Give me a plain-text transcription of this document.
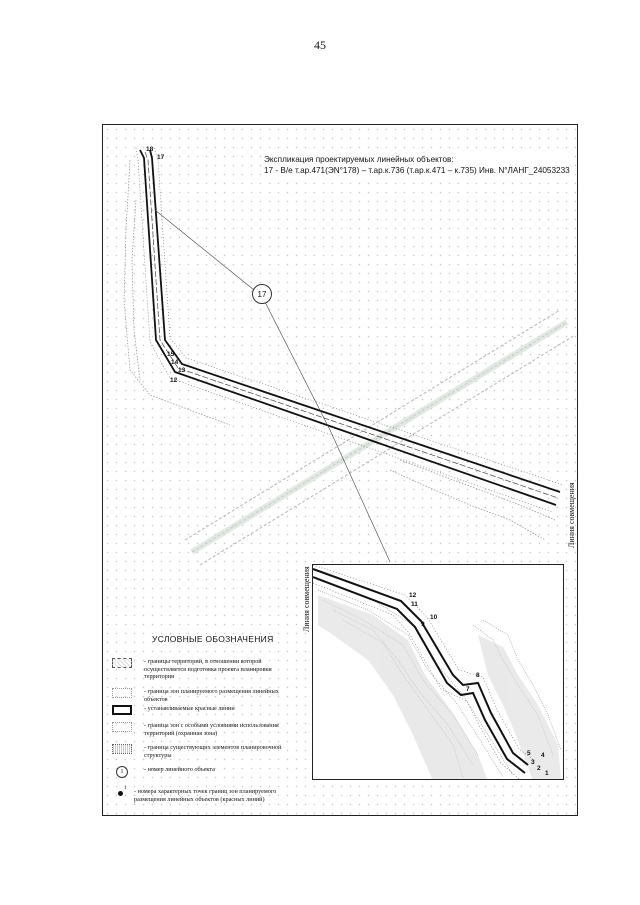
45
18
17
15
14
13
12
Экспликация проектируемых линейных объектов:
17 - В/е т.ар.471(ЭN°178) – т.ар.к.736 (т.ар.к.471 – к.735) Инв. N°ЛАНГ_24053233
17
Линия совмещения
Линия совмещения	12
11
10
9
8
7
5 4
3
2
1
УСЛОВНЫЕ ОБОЗНАЧЕНИЯ
- границы территорий, в отношении которой осуществляется подготовка проекта планировки территории
- граница зон планируемого размещения линейных объектов
- устанавливаемые красные линии
- граница зон с особыми условиями использования территорий (охранная зона)
- граница существующих элементов планировочной структуры
1	- номер линейного объекта
1 - номера характерных точек границ зон планируемого размещения линейных объектов (красных линий)
